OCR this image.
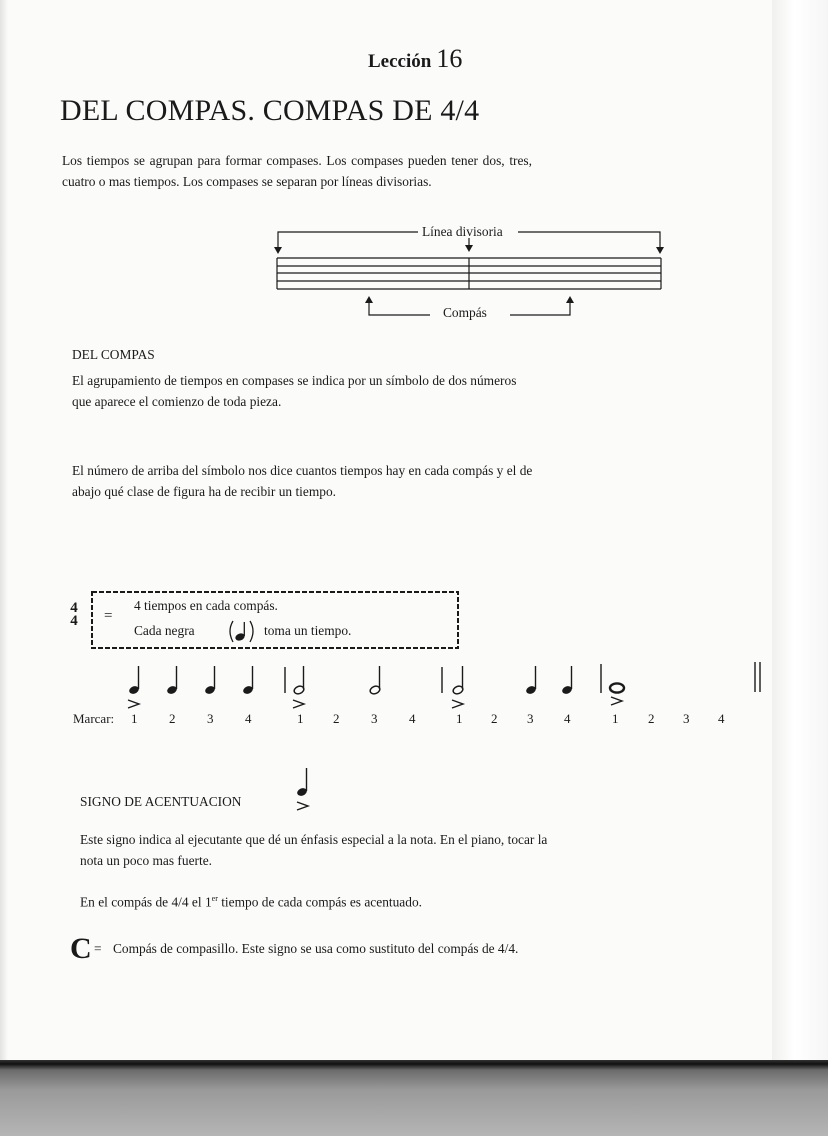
Lección 16
DEL COMPAS. COMPAS DE 4/4
Los tiempos se agrupan para formar compases. Los compases pueden tener dos, tres, cuatro o mas tiempos. Los compases se separan por líneas divisorias.
Línea divisoria
Compás
DEL COMPAS
El agrupamiento de tiempos en compases se indica por un símbolo de dos números que aparece el comienzo de toda pieza.
El número de arriba del símbolo nos dice cuantos tiempos hay en cada compás y el de abajo qué clase de figura ha de recibir un tiempo.
4
4 =
4 tiempos en cada compás.
Cada negra	toma un tiempo.
Marcar: 1 2 3 4	1 2 3 4	1 2 3 4	1 2 3 4
SIGNO DE ACENTUACION
Este signo indica al ejecutante que dé un énfasis especial a la nota. En el piano, tocar la nota un poco mas fuerte.
En el compás de 4/4 el 1er tiempo de cada compás es acentuado.
C = Compás de compasillo. Este signo se usa como sustituto del compás de 4/4.
